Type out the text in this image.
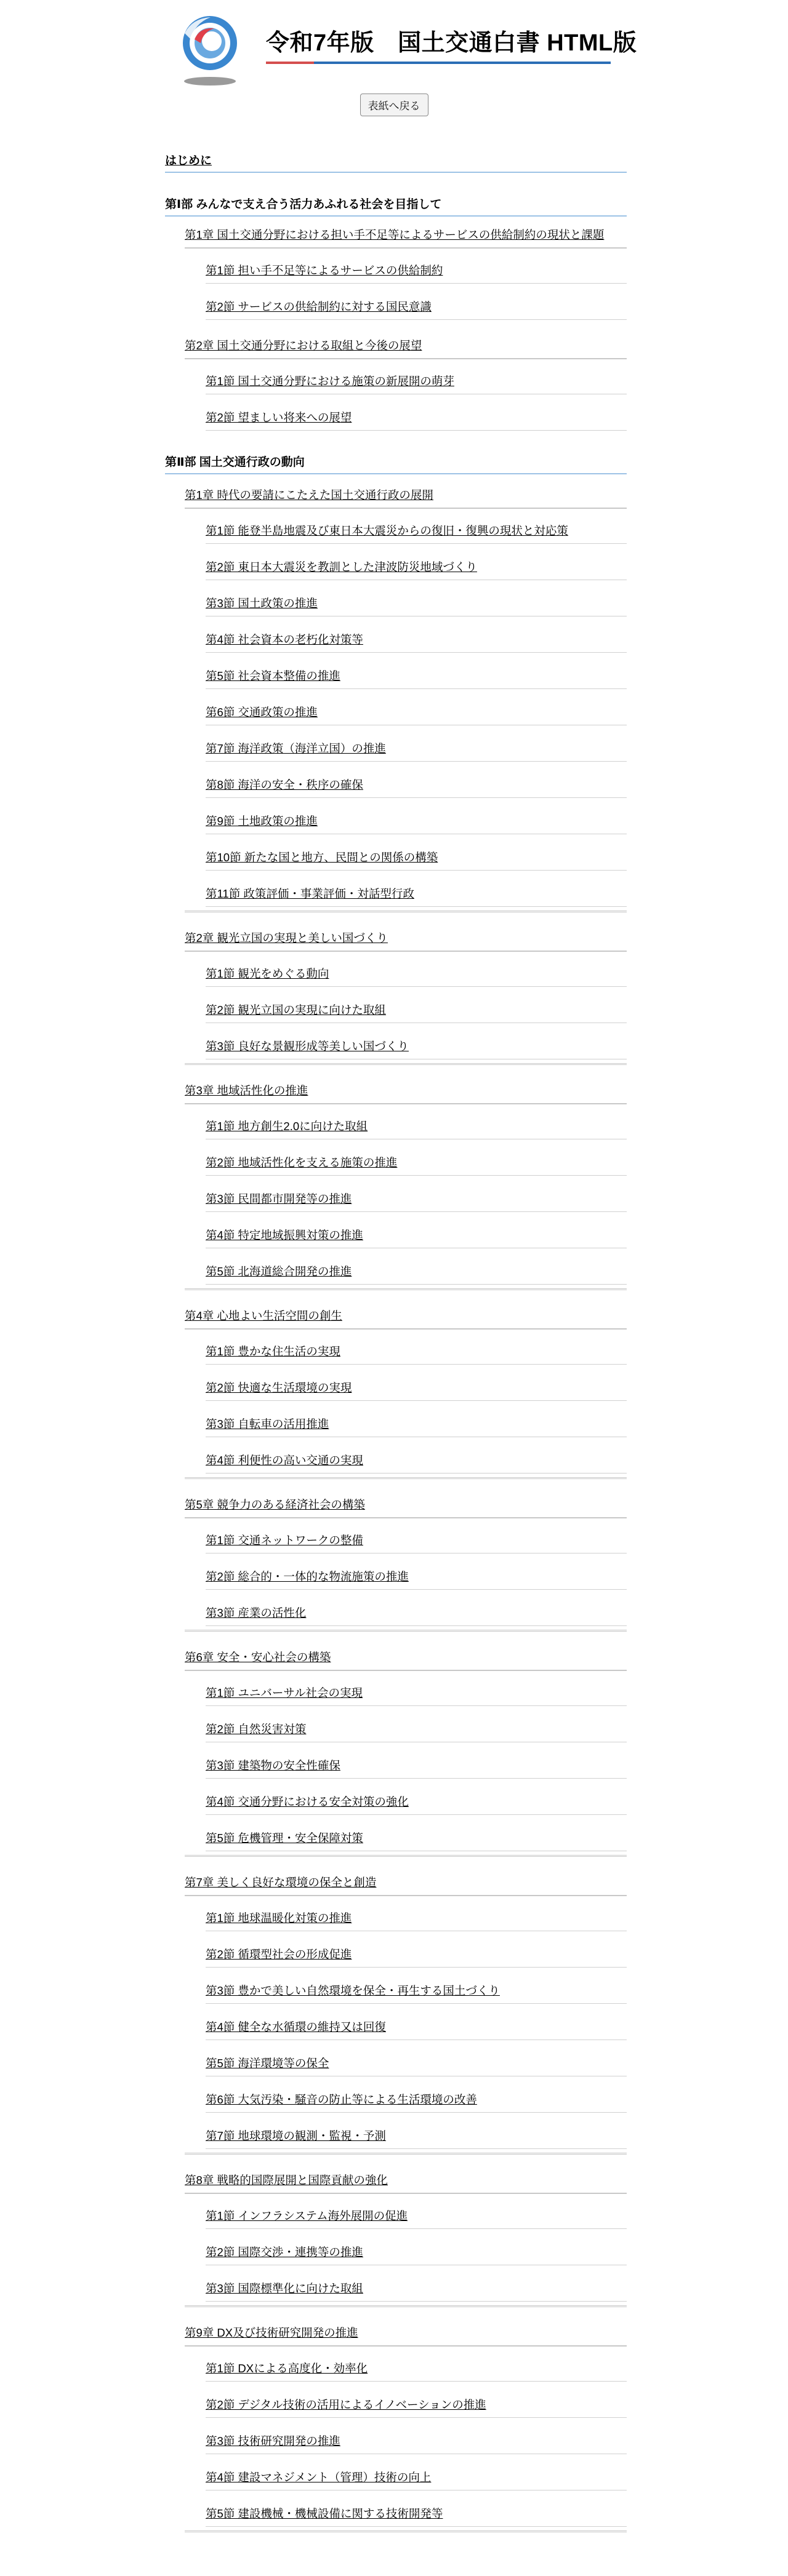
令和7年版　国土交通白書 HTML版
表紙へ戻る
はじめに
第Ⅰ部 みんなで支え合う活力あふれる社会を目指して
第1章 国土交通分野における担い手不足等によるサービスの供給制約の現状と課題
第1節 担い手不足等によるサービスの供給制約
第2節 サービスの供給制約に対する国民意識
第2章 国土交通分野における取組と今後の展望
第1節 国土交通分野における施策の新展開の萌芽
第2節 望ましい将来への展望
第Ⅱ部 国土交通行政の動向
第1章 時代の要請にこたえた国土交通行政の展開
第1節 能登半島地震及び東日本大震災からの復旧・復興の現状と対応策
第2節 東日本大震災を教訓とした津波防災地域づくり
第3節 国土政策の推進
第4節 社会資本の老朽化対策等
第5節 社会資本整備の推進
第6節 交通政策の推進
第7節 海洋政策（海洋立国）の推進
第8節 海洋の安全・秩序の確保
第9節 土地政策の推進
第10節 新たな国と地方、民間との関係の構築
第11節 政策評価・事業評価・対話型行政
第2章 観光立国の実現と美しい国づくり
第1節 観光をめぐる動向
第2節 観光立国の実現に向けた取組
第3節 良好な景観形成等美しい国づくり
第3章 地域活性化の推進
第1節 地方創生2.0に向けた取組
第2節 地域活性化を支える施策の推進
第3節 民間都市開発等の推進
第4節 特定地域振興対策の推進
第5節 北海道総合開発の推進
第4章 心地よい生活空間の創生
第1節 豊かな住生活の実現
第2節 快適な生活環境の実現
第3節 自転車の活用推進
第4節 利便性の高い交通の実現
第5章 競争力のある経済社会の構築
第1節 交通ネットワークの整備
第2節 総合的・一体的な物流施策の推進
第3節 産業の活性化
第6章 安全・安心社会の構築
第1節 ユニバーサル社会の実現
第2節 自然災害対策
第3節 建築物の安全性確保
第4節 交通分野における安全対策の強化
第5節 危機管理・安全保障対策
第7章 美しく良好な環境の保全と創造
第1節 地球温暖化対策の推進
第2節 循環型社会の形成促進
第3節 豊かで美しい自然環境を保全・再生する国土づくり
第4節 健全な水循環の維持又は回復
第5節 海洋環境等の保全
第6節 大気汚染・騒音の防止等による生活環境の改善
第7節 地球環境の観測・監視・予測
第8章 戦略的国際展開と国際貢献の強化
第1節 インフラシステム海外展開の促進
第2節 国際交渉・連携等の推進
第3節 国際標準化に向けた取組
第9章 DX及び技術研究開発の推進
第1節 DXによる高度化・効率化
第2節 デジタル技術の活用によるイノベーションの推進
第3節 技術研究開発の推進
第4節 建設マネジメント（管理）技術の向上
第5節 建設機械・機械設備に関する技術開発等
